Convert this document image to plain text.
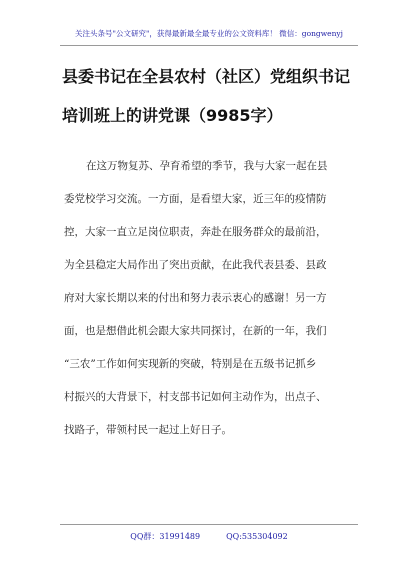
关注头条号"公文研究"，获得最新最全最专业的公文资料库！ 微信：gongwenyj
县委书记在全县农村（社区）党组织书记
培训班上的讲党课（9985字）
在这万物复苏、孕育希望的季节，我与大家一起在县
委党校学习交流。一方面，是看望大家，近三年的疫情防
控，大家一直立足岗位职责，奔赴在服务群众的最前沿，
为全县稳定大局作出了突出贡献，在此我代表县委、县政
府对大家长期以来的付出和努力表示衷心的感谢！另一方
面，也是想借此机会跟大家共同探讨，在新的一年，我们
“三农”工作如何实现新的突破，特别是在五级书记抓乡
村振兴的大背景下，村支部书记如何主动作为，出点子、
找路子，带领村民一起过上好日子。
QQ群：31991489	QQ:535304092
